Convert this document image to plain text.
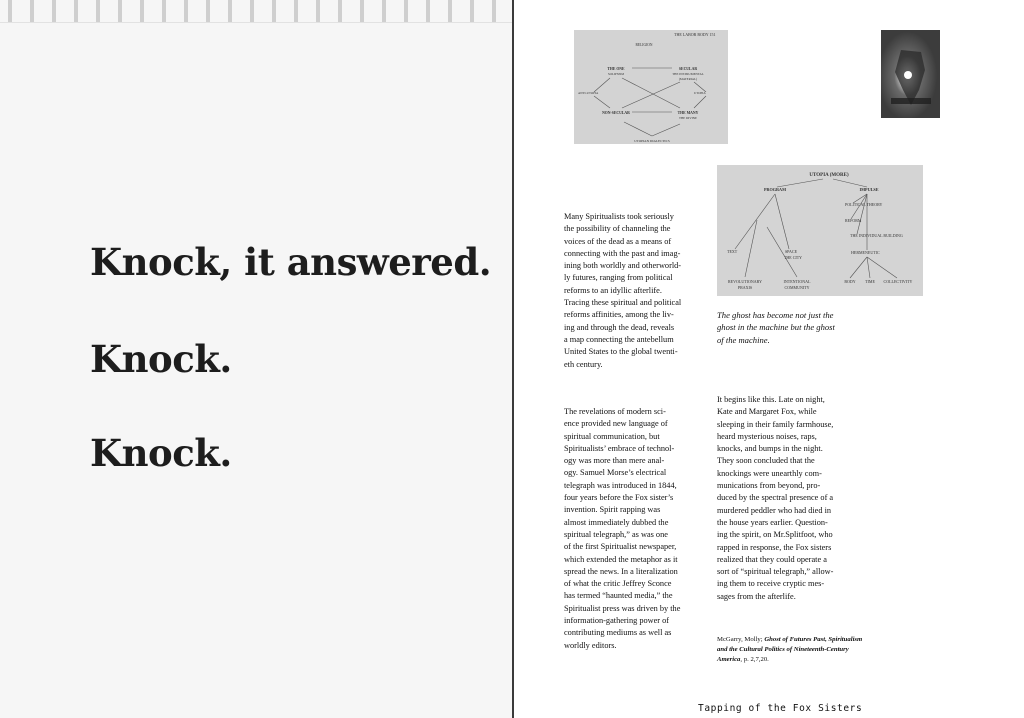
Knock, it answered.
Knock.
Knock.
THE LABOR BODY 151
RELIGION
THE ONE
SOLIPSISM
SECULAR
THE INSTRUMENTAL
(MATERIAL)
ANTI-UTOPIA	UTOPIA
NON-SECULAR	THE MANY
THE DIVINE
UTOPIAN DIALECTICS
UTOPIA (MORE)
PROGRAM	IMPULSE
POLITICAL THEORY
REFORM
THE INDIVIDUAL BUILDING
HERMENEUTIC
TEXT	SPACE
THE CITY
REVOLUTIONARY
PRAXIS
INTENTIONAL
COMMUNITY
BODY TIME COLLECTIVITY
The ghost has become not just the
ghost in the machine but the ghost
of the machine.

Many Spiritualists took seriously
the possibility of channeling the
voices of the dead as a means of
connecting with the past and imag-
ining both worldly and otherworld-
ly futures, ranging from political
reforms to an idyllic afterlife.
Tracing these spiritual and political
reforms affinities, among the liv-
ing and through the dead, reveals
a map connecting the antebellum
United States to the global twenti-
eth century.

The revelations of modern sci-
ence provided new language of
spiritual communication, but
Spiritualists’ embrace of technol-
ogy was more than mere anal-
ogy. Samuel Morse’s electrical
telegraph was introduced in 1844,
four years before the Fox sister’s
invention. Spirit rapping was
almost immediately dubbed the
spiritual telegraph,” as was one
of the first Spiritualist newspaper,
which extended the metaphor as it
spread the news. In a literalization
of what the critic Jeffrey Sconce
has termed “haunted media,” the
Spiritualist press was driven by the
information-gathering power of
contributing mediums as well as
worldly editors.

It begins like this. Late on night,
Kate and Margaret Fox, while
sleeping in their family farmhouse,
heard mysterious noises, raps,
knocks, and bumps in the night.
They soon concluded that the
knockings were unearthly com-
munications from beyond, pro-
duced by the spectral presence of a
murdered peddler who had died in
the house years earlier. Question-
ing the spirit, on Mr.Splitfoot, who
rapped in response, the Fox sisters
realized that they could operate a
sort of “spiritual telegraph,” allow-
ing them to receive cryptic mes-
sages from the afterlife.

McGarry, Molly; Ghost of Futures Past, Spiritualism and the Cultural Politics of Nineteenth-Century America, p. 2,7,20.
Tapping of the Fox Sisters
